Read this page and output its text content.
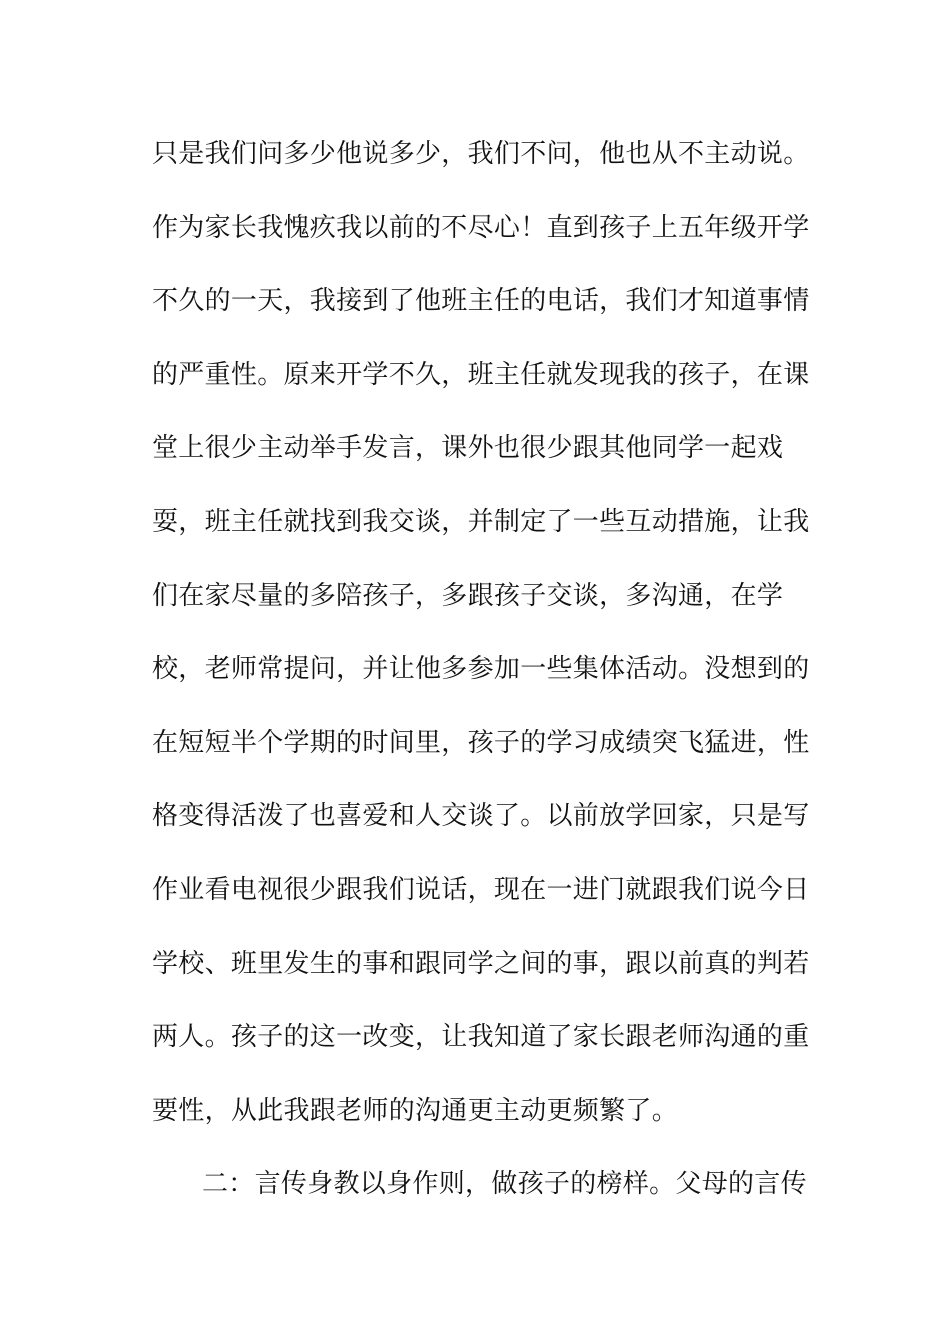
只是我们问多少他说多少，我们不问，他也从不主动说。
作为家长我愧疚我以前的不尽心！直到孩子上五年级开学
不久的一天，我接到了他班主任的电话，我们才知道事情
的严重性。原来开学不久，班主任就发现我的孩子，在课
堂上很少主动举手发言，课外也很少跟其他同学一起戏
耍，班主任就找到我交谈，并制定了一些互动措施，让我
们在家尽量的多陪孩子，多跟孩子交谈，多沟通，在学
校，老师常提问，并让他多参加一些集体活动。没想到的
在短短半个学期的时间里，孩子的学习成绩突飞猛进，性
格变得活泼了也喜爱和人交谈了。以前放学回家，只是写
作业看电视很少跟我们说话，现在一进门就跟我们说今日
学校、班里发生的事和跟同学之间的事，跟以前真的判若
两人。孩子的这一改变，让我知道了家长跟老师沟通的重
要性，从此我跟老师的沟通更主动更频繁了。
二：言传身教以身作则，做孩子的榜样。父母的言传
